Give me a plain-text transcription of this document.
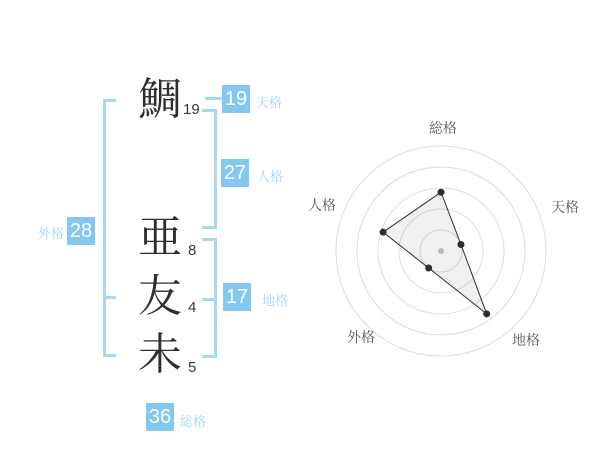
鯛
亜
友
未
19
8
4
5
19 天格
27 人格
17 地格
外格 28
36 総格
総格
天格
地格
外格
人格
